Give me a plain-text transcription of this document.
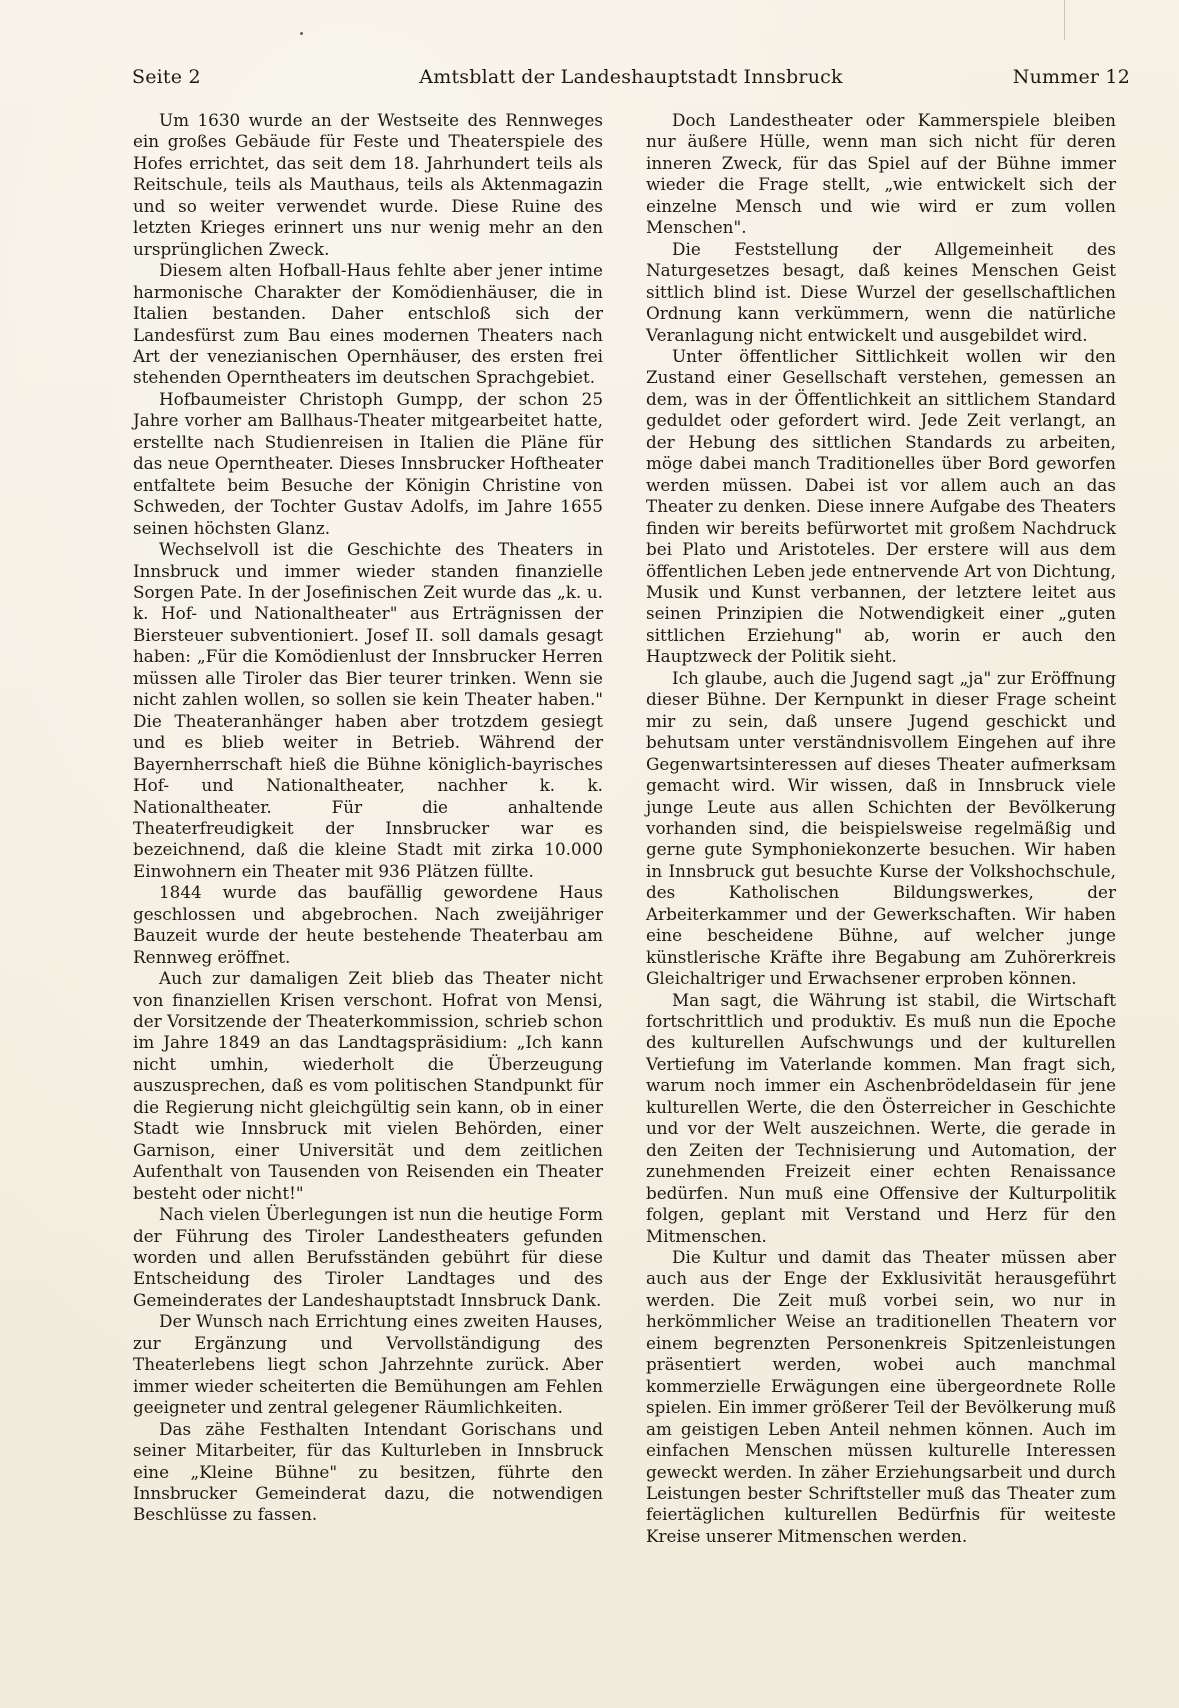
Seite 2	Amtsblatt der Landeshauptstadt Innsbruck	Nummer 12

Um 1630 wurde an der Westseite des Rennweges ein großes Gebäude für Feste und Theaterspiele des Hofes errichtet, das seit dem 18. Jahrhundert teils als Reitschule, teils als Mauthaus, teils als Aktenmagazin und so weiter verwendet wurde. Diese Ruine des letzten Krieges erinnert uns nur wenig mehr an den ursprünglichen Zweck.

Diesem alten Hofball-Haus fehlte aber jener intime harmonische Charakter der Komödienhäuser, die in Italien bestanden. Daher entschloß sich der Landesfürst zum Bau eines modernen Theaters nach Art der venezianischen Opernhäuser, des ersten frei stehenden Operntheaters im deutschen Sprachgebiet.

Hofbaumeister Christoph Gumpp, der schon 25 Jahre vorher am Ballhaus-Theater mitgearbeitet hatte, erstellte nach Studienreisen in Italien die Pläne für das neue Operntheater. Dieses Innsbrucker Hoftheater entfaltete beim Besuche der Königin Christine von Schweden, der Tochter Gustav Adolfs, im Jahre 1655 seinen höchsten Glanz.

Wechselvoll ist die Geschichte des Theaters in Innsbruck und immer wieder standen finanzielle Sorgen Pate. In der Josefinischen Zeit wurde das „k. u. k. Hof- und Nationaltheater" aus Erträgnissen der Biersteuer subventioniert. Josef II. soll damals gesagt haben: „Für die Komödienlust der Innsbrucker Herren müssen alle Tiroler das Bier teurer trinken. Wenn sie nicht zahlen wollen, so sollen sie kein Theater haben." Die Theateranhänger haben aber trotzdem gesiegt und es blieb weiter in Betrieb. Während der Bayernherrschaft hieß die Bühne königlich-bayrisches Hof- und Nationaltheater, nachher k. k. Nationaltheater. Für die anhaltende Theaterfreudigkeit der Innsbrucker war es bezeichnend, daß die kleine Stadt mit zirka 10.000 Einwohnern ein Theater mit 936 Plätzen füllte.

1844 wurde das baufällig gewordene Haus geschlossen und abgebrochen. Nach zweijähriger Bauzeit wurde der heute bestehende Theaterbau am Rennweg eröffnet.

Auch zur damaligen Zeit blieb das Theater nicht von finanziellen Krisen verschont. Hofrat von Mensi, der Vorsitzende der Theaterkommission, schrieb schon im Jahre 1849 an das Landtagspräsidium: „Ich kann nicht umhin, wiederholt die Überzeugung auszusprechen, daß es vom politischen Standpunkt für die Regierung nicht gleichgültig sein kann, ob in einer Stadt wie Innsbruck mit vielen Behörden, einer Garnison, einer Universität und dem zeitlichen Aufenthalt von Tausenden von Reisenden ein Theater besteht oder nicht!"

Nach vielen Überlegungen ist nun die heutige Form der Führung des Tiroler Landestheaters gefunden worden und allen Berufsständen gebührt für diese Entscheidung des Tiroler Landtages und des Gemeinderates der Landeshauptstadt Innsbruck Dank.

Der Wunsch nach Errichtung eines zweiten Hauses, zur Ergänzung und Vervollständigung des Theaterlebens liegt schon Jahrzehnte zurück. Aber immer wieder scheiterten die Bemühungen am Fehlen geeigneter und zentral gelegener Räumlichkeiten.

Das zähe Festhalten Intendant Gorischans und seiner Mitarbeiter, für das Kulturleben in Innsbruck eine „Kleine Bühne" zu besitzen, führte den Innsbrucker Gemeinderat dazu, die notwendigen Beschlüsse zu fassen.

Doch Landestheater oder Kammerspiele bleiben nur äußere Hülle, wenn man sich nicht für deren inneren Zweck, für das Spiel auf der Bühne immer wieder die Frage stellt, „wie entwickelt sich der einzelne Mensch und wie wird er zum vollen Menschen".

Die Feststellung der Allgemeinheit des Naturgesetzes besagt, daß keines Menschen Geist sittlich blind ist. Diese Wurzel der gesellschaftlichen Ordnung kann verkümmern, wenn die natürliche Veranlagung nicht entwickelt und ausgebildet wird.

Unter öffentlicher Sittlichkeit wollen wir den Zustand einer Gesellschaft verstehen, gemessen an dem, was in der Öffentlichkeit an sittlichem Standard geduldet oder gefordert wird. Jede Zeit verlangt, an der Hebung des sittlichen Standards zu arbeiten, möge dabei manch Traditionelles über Bord geworfen werden müssen. Dabei ist vor allem auch an das Theater zu denken. Diese innere Aufgabe des Theaters finden wir bereits befürwortet mit großem Nachdruck bei Plato und Aristoteles. Der erstere will aus dem öffentlichen Leben jede entnervende Art von Dichtung, Musik und Kunst verbannen, der letztere leitet aus seinen Prinzipien die Notwendigkeit einer „guten sittlichen Erziehung" ab, worin er auch den Hauptzweck der Politik sieht.

Ich glaube, auch die Jugend sagt „ja" zur Eröffnung dieser Bühne. Der Kernpunkt in dieser Frage scheint mir zu sein, daß unsere Jugend geschickt und behutsam unter verständnisvollem Eingehen auf ihre Gegenwartsinteressen auf dieses Theater aufmerksam gemacht wird. Wir wissen, daß in Innsbruck viele junge Leute aus allen Schichten der Bevölkerung vorhanden sind, die beispielsweise regelmäßig und gerne gute Symphoniekonzerte besuchen. Wir haben in Innsbruck gut besuchte Kurse der Volkshochschule, des Katholischen Bildungswerkes, der Arbeiterkammer und der Gewerkschaften. Wir haben eine bescheidene Bühne, auf welcher junge künstlerische Kräfte ihre Begabung am Zuhörerkreis Gleichaltriger und Erwachsener erproben können.

Man sagt, die Währung ist stabil, die Wirtschaft fortschrittlich und produktiv. Es muß nun die Epoche des kulturellen Aufschwungs und der kulturellen Vertiefung im Vaterlande kommen. Man fragt sich, warum noch immer ein Aschenbrödeldasein für jene kulturellen Werte, die den Österreicher in Geschichte und vor der Welt auszeichnen. Werte, die gerade in den Zeiten der Technisierung und Automation, der zunehmenden Freizeit einer echten Renaissance bedürfen. Nun muß eine Offensive der Kulturpolitik folgen, geplant mit Verstand und Herz für den Mitmenschen.

Die Kultur und damit das Theater müssen aber auch aus der Enge der Exklusivität herausgeführt werden. Die Zeit muß vorbei sein, wo nur in herkömmlicher Weise an traditionellen Theatern vor einem begrenzten Personenkreis Spitzenleistungen präsentiert werden, wobei auch manchmal kommerzielle Erwägungen eine übergeordnete Rolle spielen. Ein immer größerer Teil der Bevölkerung muß am geistigen Leben Anteil nehmen können. Auch im einfachen Menschen müssen kulturelle Interessen geweckt werden. In zäher Erziehungsarbeit und durch Leistungen bester Schriftsteller muß das Theater zum feiertäglichen kulturellen Bedürfnis für weiteste Kreise unserer Mitmenschen werden.
